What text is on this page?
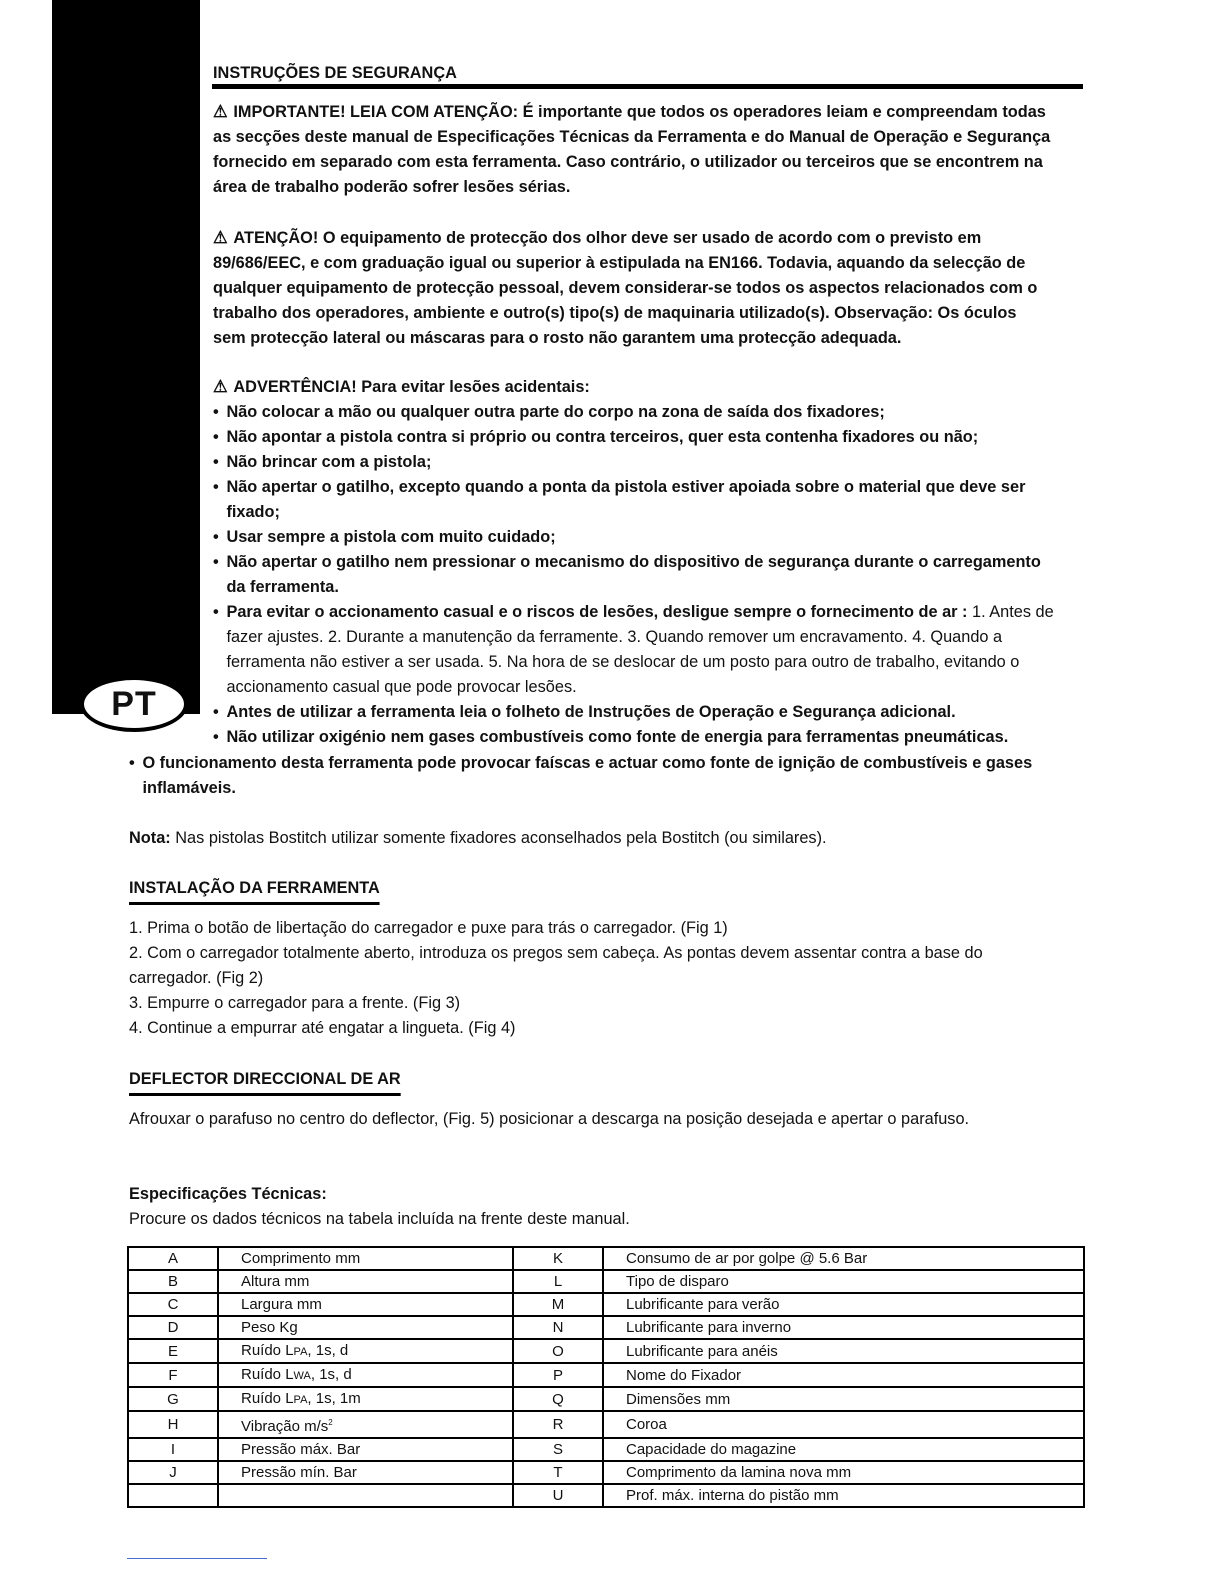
PT
INSTRUÇÕES DE SEGURANÇA
⚠ IMPORTANTE! LEIA COM ATENÇÃO: É importante que todos os operadores leiam e compreendam todas as secções deste manual de Especificações Técnicas da Ferramenta e do Manual de Operação e Segurança fornecido em separado com esta ferramenta. Caso contrário, o utilizador ou terceiros que se encontrem na área de trabalho poderão sofrer lesões sérias.
⚠ ATENÇÃO! O equipamento de protecção dos olhor deve ser usado de acordo com o previsto em 89/686/EEC, e com graduação igual ou superior à estipulada na EN166. Todavia, aquando da selecção de qualquer equipamento de protecção pessoal, devem considerar-se todos os aspectos relacionados com o trabalho dos operadores, ambiente e outro(s) tipo(s) de maquinaria utilizado(s). Observação: Os óculos sem protecção lateral ou máscaras para o rosto não garantem uma protecção adequada.
⚠ ADVERTÊNCIA! Para evitar lesões acidentais:
• Não colocar a mão ou qualquer outra parte do corpo na zona de saída dos fixadores;
• Não apontar a pistola contra si próprio ou contra terceiros, quer esta contenha fixadores ou não;
• Não brincar com a pistola;
• Não apertar o gatilho, excepto quando a ponta da pistola estiver apoiada sobre o material que deve ser fixado;
• Usar sempre a pistola com muito cuidado;
• Não apertar o gatilho nem pressionar o mecanismo do dispositivo de segurança durante o carregamento da ferramenta.
• Para evitar o accionamento casual e o riscos de lesões, desligue sempre o fornecimento de ar : 1. Antes de fazer ajustes. 2. Durante a manutenção da ferramente. 3. Quando remover um encravamento. 4. Quando a ferramenta não estiver a ser usada. 5. Na hora de se deslocar de um posto para outro de trabalho, evitando o accionamento casual que pode provocar lesões.
• Antes de utilizar a ferramenta leia o folheto de Instruções de Operação e Segurança adicional.
• Não utilizar oxigénio nem gases combustíveis como fonte de energia para ferramentas pneumáticas.
• O funcionamento desta ferramenta pode provocar faíscas e actuar como fonte de ignição de combustíveis e gases inflamáveis.
Nota: Nas pistolas Bostitch utilizar somente fixadores aconselhados pela Bostitch (ou similares).
INSTALAÇÃO DA FERRAMENTA
1. Prima o botão de libertação do carregador e puxe para trás o carregador. (Fig 1)
2. Com o carregador totalmente aberto, introduza os pregos sem cabeça. As pontas devem assentar contra a base do carregador. (Fig 2)
3. Empurre o carregador para a frente. (Fig 3)
4. Continue a empurrar até engatar a lingueta. (Fig 4)
DEFLECTOR DIRECCIONAL DE AR
Afrouxar o parafuso no centro do deflector, (Fig. 5) posicionar a descarga na posição desejada e apertar o parafuso.
Especificações Técnicas:
Procure os dados técnicos na tabela incluída na frente deste manual.
A	Comprimento mm	K	Consumo de ar por golpe @ 5.6 Bar
B	Altura mm	L	Tipo de disparo
C	Largura mm	M	Lubrificante para verão
D	Peso Kg	N	Lubrificante para inverno
E	Ruído LPA, 1s, d	O	Lubrificante para anéis
F	Ruído LWA, 1s, d	P	Nome do Fixador
G	Ruído LPA, 1s, 1m	Q	Dimensões mm
H	Vibração $m/s^2$	R	Coroa
I	Pressão máx. Bar	S	Capacidade do magazine
J	Pressão mín. Bar	T	Comprimento da lamina nova mm
		U	Prof. máx. interna do pistão mm
